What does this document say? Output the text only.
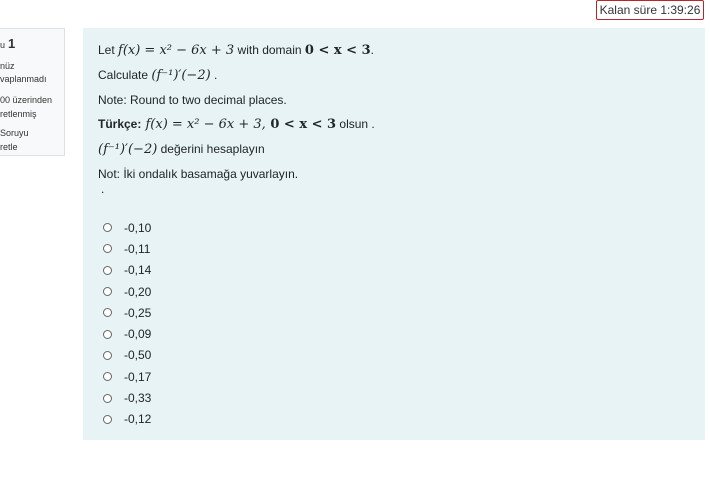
Kalan süre 1:39:26
u 1
nüz
vaplanmadı
00 üzerinden
retlenmiş
Soruyu
retle
Let f(x) = x² − 6x + 3 with domain 0 < x < 3.
Calculate (f⁻¹)′(−2) .
Note: Round to two decimal places.
Türkçe: f(x) = x² − 6x + 3, 0 < x < 3 olsun .
(f⁻¹)′(−2) değerini hesaplayın
Not: İki ondalık basamağa yuvarlayın.
.
-0,10
-0,11
-0,14
-0,20
-0,25
-0,09
-0,50
-0,17
-0,33
-0,12
